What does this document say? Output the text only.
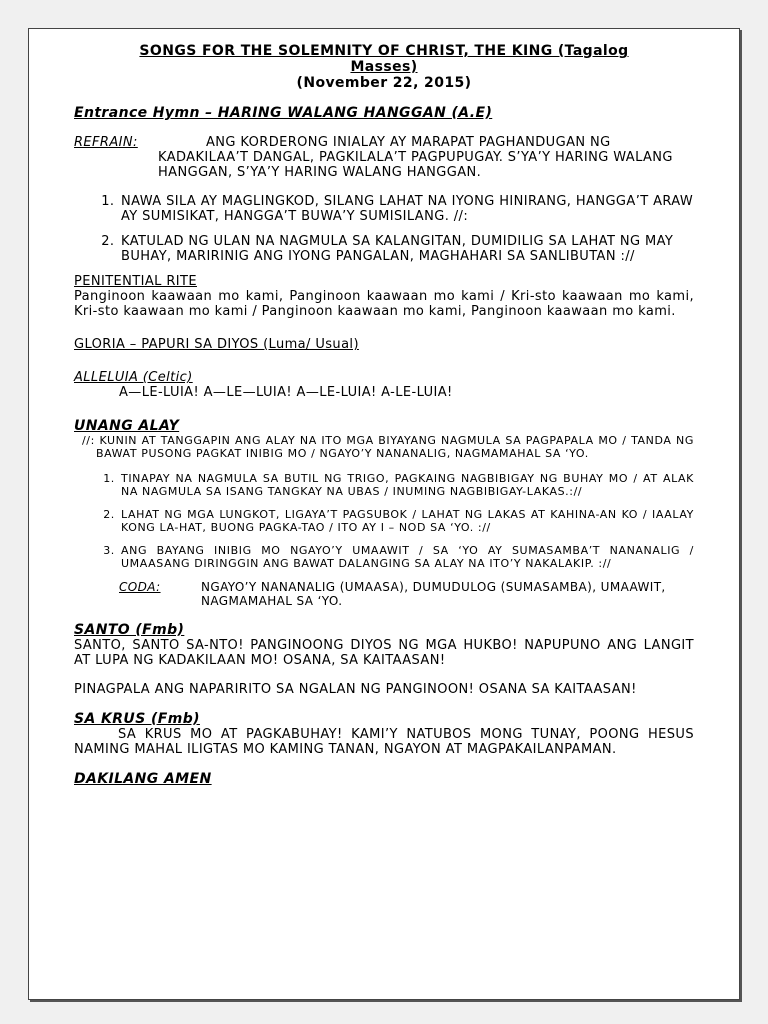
SONGS FOR THE SOLEMNITY OF CHRIST, THE KING (Tagalog
Masses)
(November 22, 2015)
Entrance Hymn – HARING WALANG HANGGAN (A.E)
REFRAIN:	ANG KORDERONG INIALAY AY MARAPAT PAGHANDUGAN NG KADAKILAA’T DANGAL, PAGKILALA’T PAGPUPUGAY. S’YA’Y HARING WALANG HANGGAN, S’YA’Y HARING WALANG HANGGAN.
1. NAWA SILA AY MAGLINGKOD, SILANG LAHAT NA IYONG HINIRANG, HANGGA’T ARAW AY SUMISIKAT, HANGGA’T BUWA’Y SUMISILANG. //:
2. KATULAD NG ULAN NA NAGMULA SA KALANGITAN, DUMIDILIG SA LAHAT NG MAY BUHAY, MARIRINIG ANG IYONG PANGALAN, MAGHAHARI SA SANLIBUTAN ://
PENITENTIAL RITE
Panginoon kaawaan mo kami, Panginoon kaawaan mo kami / Kri-sto kaawaan mo kami, Kri-sto kaawaan mo kami / Panginoon kaawaan mo kami, Panginoon kaawaan mo kami.
GLORIA – PAPURI SA DIYOS (Luma/ Usual)
ALLELUIA (Celtic)
A—LE-LUIA! A—LE—LUIA! A—LE-LUIA! A-LE-LUIA!
UNANG ALAY
//: KUNIN AT TANGGAPIN ANG ALAY NA ITO MGA BIYAYANG NAGMULA SA PAGPAPALA MO / TANDA NG BAWAT PUSONG PAGKAT INIBIG MO / NGAYO’Y NANANALIG, NAGMAMAHAL SA ‘YO.
1. TINAPAY NA NAGMULA SA BUTIL NG TRIGO, PAGKAING NAGBIBIGAY NG BUHAY MO / AT ALAK NA NAGMULA SA ISANG TANGKAY NA UBAS / INUMING NAGBIBIGAY-LAKAS.://
2. LAHAT NG MGA LUNGKOT, LIGAYA’T PAGSUBOK / LAHAT NG LAKAS AT KAHINA-AN KO / IAALAY KONG LA-HAT, BUONG PAGKA-TAO / ITO AY I – NOD SA ‘YO. ://
3. ANG BAYANG INIBIG MO NGAYO’Y UMAAWIT / SA ‘YO AY SUMASAMBA’T NANANALIG / UMAASANG DIRINGGIN ANG BAWAT DALANGING SA ALAY NA ITO’Y NAKALAKIP. ://
CODA:	NGAYO’Y NANANALIG (UMAASA), DUMUDULOG (SUMASAMBA), UMAAWIT, NAGMAMAHAL SA ‘YO.
SANTO (Fmb)
SANTO, SANTO SA-NTO! PANGINOONG DIYOS NG MGA HUKBO! NAPUPUNO ANG LANGIT AT LUPA NG KADAKILAAN MO! OSANA, SA KAITAASAN!
PINAGPALA ANG NAPARIRITO SA NGALAN NG PANGINOON! OSANA SA KAITAASAN!
SA KRUS (Fmb)
SA KRUS MO AT PAGKABUHAY! KAMI’Y NATUBOS MONG TUNAY, POONG HESUS NAMING MAHAL ILIGTAS MO KAMING TANAN, NGAYON AT MAGPAKAILANPAMAN.
DAKILANG AMEN
